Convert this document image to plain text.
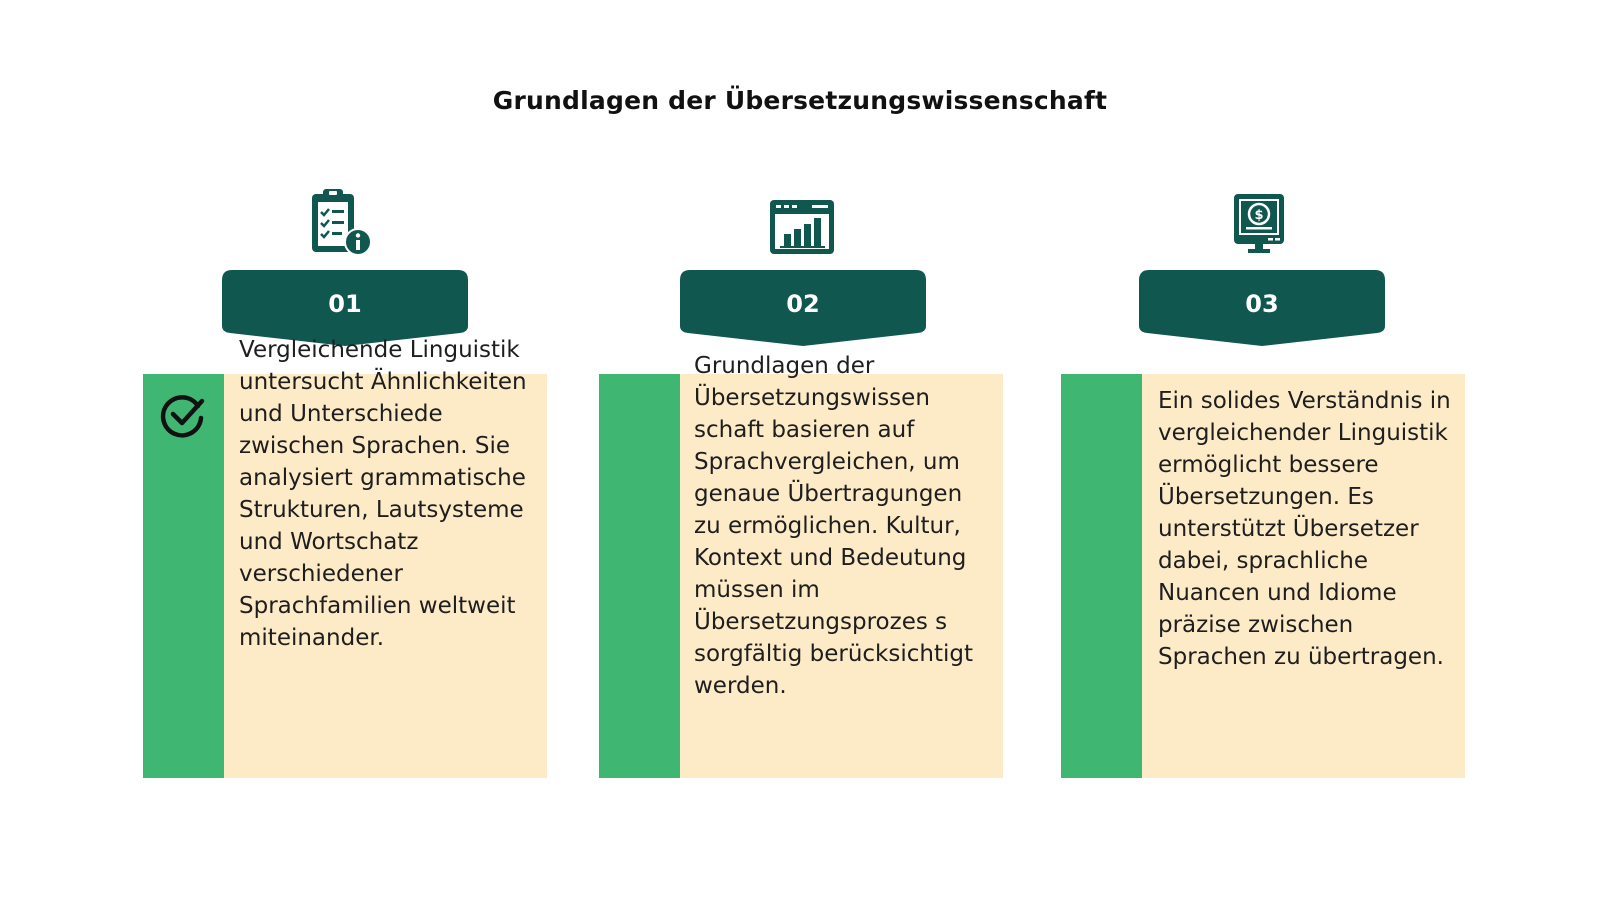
Grundlagen der Übersetzungswissenschaft
01
Vergleichende Linguistik untersucht Ähnlichkeiten und Unterschiede zwischen Sprachen. Sie analysiert grammatische Strukturen, Lautsysteme und Wortschatz verschiedener Sprachfamilien weltweit miteinander.
02
Grundlagen der Übersetzungswissen schaft basieren auf Sprachvergleichen, um genaue Übertragungen zu ermöglichen. Kultur, Kontext und Bedeutung müssen im Übersetzungsprozes s sorgfältig berücksichtigt werden.
$
03
Ein solides Verständnis in vergleichender Linguistik ermöglicht bessere Übersetzungen. Es unterstützt Übersetzer dabei, sprachliche Nuancen und Idiome präzise zwischen Sprachen zu übertragen.
